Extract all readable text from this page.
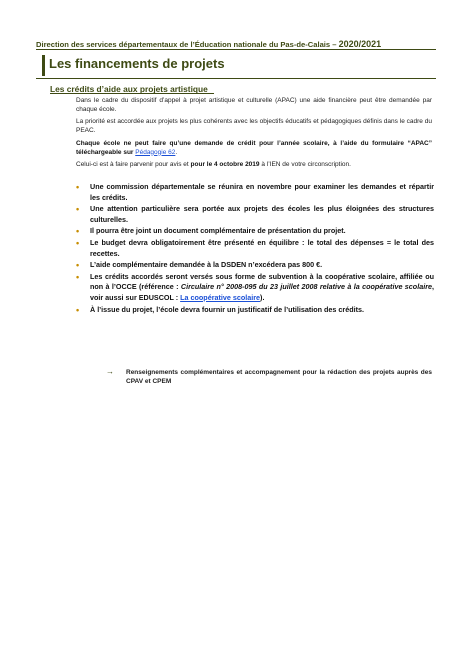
Direction des services départementaux de l’Éducation nationale du Pas-de-Calais – 2020/2021
Les financements de projets
Les crédits d’aide aux projets artistique

Dans le cadre du dispositif d’appel à projet artistique et culturelle (APAC) une aide financière peut être demandée par chaque école.

La priorité est accordée aux projets les plus cohérents avec les objectifs éducatifs et pédagogiques définis dans le cadre du PEAC.

Chaque école ne peut faire qu’une demande de crédit pour l’année scolaire, à l’aide du formulaire “APAC” téléchargeable sur Pédagogie 62.

Celui-ci est à faire parvenir pour avis et pour le 4 octobre 2019 à l’IEN de votre circonscription.

• Une commission départementale se réunira en novembre pour examiner les demandes et répartir les crédits.
• Une attention particulière sera portée aux projets des écoles les plus éloignées des structures culturelles.
• Il pourra être joint un document complémentaire de présentation du projet.
• Le budget devra obligatoirement être présenté en équilibre : le total des dépenses = le total des recettes.
• L’aide complémentaire demandée à la DSDEN n’excédera pas 800 €.
• Les crédits accordés seront versés sous forme de subvention à la coopérative scolaire, affiliée ou non à l’OCCE (référence : Circulaire n° 2008-095 du 23 juillet 2008 relative à la coopérative scolaire, voir aussi sur EDUSCOL : La coopérative scolaire).
• À l’issue du projet, l’école devra fournir un justificatif de l’utilisation des crédits.
→	Renseignements complémentaires et accompagnement pour la rédaction des projets auprès des CPAV et CPEM
